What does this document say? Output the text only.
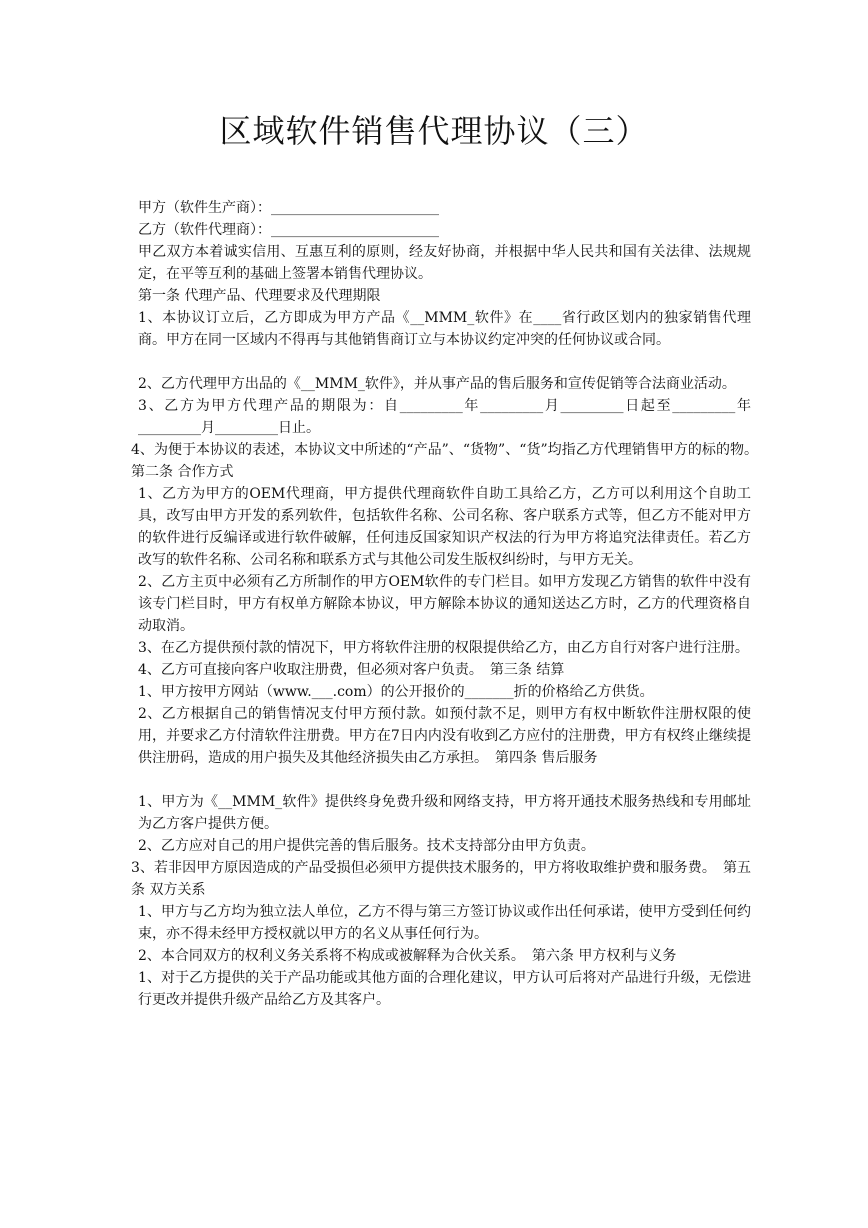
区域软件销售代理协议（三）

甲方（软件生产商）：________________________

乙方（软件代理商）：________________________

甲乙双方本着诚实信用、互惠互利的原则，经友好协商，并根据中华人民共和国有关法律、法规规定，在平等互利的基础上签署本销售代理协议。

第一条 代理产品、代理要求及代理期限

1、本协议订立后，乙方即成为甲方产品《__MMM_软件》在____省行政区划内的独家销售代理商。甲方在同一区域内不得再与其他销售商订立与本协议约定冲突的任何协议或合同。

2、乙方代理甲方出品的《__MMM_软件》，并从事产品的售后服务和宣传促销等合法商业活动。

3、乙方为甲方代理产品的期限为：自_________年_________月_________日起至_________年_________月_________日止。

4、为便于本协议的表述，本协议文中所述的“产品”、“货物”、“货”均指乙方代理销售甲方的标的物。　第二条 合作方式

1、乙方为甲方的OEM代理商，甲方提供代理商软件自助工具给乙方，乙方可以利用这个自助工具，改写由甲方开发的系列软件，包括软件名称、公司名称、客户联系方式等，但乙方不能对甲方的软件进行反编译或进行软件破解，任何违反国家知识产权法的行为甲方将追究法律责任。若乙方改写的软件名称、公司名称和联系方式与其他公司发生版权纠纷时，与甲方无关。

2、乙方主页中必须有乙方所制作的甲方OEM软件的专门栏目。如甲方发现乙方销售的软件中没有该专门栏目时，甲方有权单方解除本协议，甲方解除本协议的通知送达乙方时，乙方的代理资格自动取消。

3、在乙方提供预付款的情况下，甲方将软件注册的权限提供给乙方，由乙方自行对客户进行注册。

4、乙方可直接向客户收取注册费，但必须对客户负责。　第三条 结算

1、甲方按甲方网站（www.___.com）的公开报价的_______折的价格给乙方供货。

2、乙方根据自己的销售情况支付甲方预付款。如预付款不足，则甲方有权中断软件注册权限的使用，并要求乙方付清软件注册费。甲方在7日内内没有收到乙方应付的注册费，甲方有权终止继续提供注册码，造成的用户损失及其他经济损失由乙方承担。　第四条 售后服务

1、甲方为《__MMM_软件》提供终身免费升级和网络支持，甲方将开通技术服务热线和专用邮址为乙方客户提供方便。

2、乙方应对自己的用户提供完善的售后服务。技术支持部分由甲方负责。

3、若非因甲方原因造成的产品受损但必须甲方提供技术服务的，甲方将收取维护费和服务费。　第五条 双方关系

1、甲方与乙方均为独立法人单位，乙方不得与第三方签订协议或作出任何承诺，使甲方受到任何约束，亦不得未经甲方授权就以甲方的名义从事任何行为。

2、本合同双方的权利义务关系将不构成或被解释为合伙关系。　第六条 甲方权利与义务

1、对于乙方提供的关于产品功能或其他方面的合理化建议，甲方认可后将对产品进行升级，无偿进行更改并提供升级产品给乙方及其客户。
